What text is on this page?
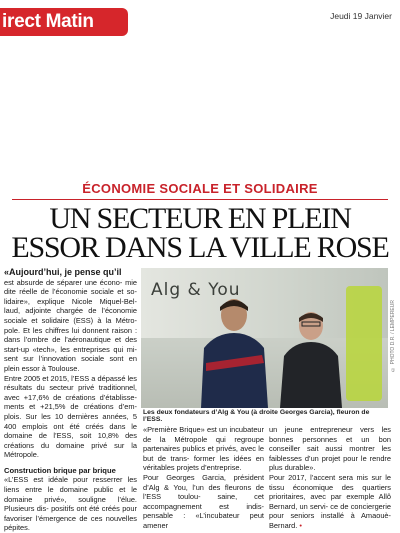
irect Matin	Jeudi 19 Janvier
ÉCONOMIE SOCIALE ET SOLIDAIRE
UN SECTEUR EN PLEIN
ESSOR DANS LA VILLE ROSE

«Aujourd’hui, je pense qu’il

est absurde de séparer une écono- mie dite réelle de l’économie sociale et so- lidaire», explique Nicole Miquel-Bel- laud, adjointe chargée de l’économie sociale et solidaire (ESS) à la Métro- pole. Et les chiffres lui donnent raison : dans l’ombre de l’aéronautique et des start-up «tech», les entreprises qui mi- sent sur l’innovation sociale sont en plein essor à Toulouse.

Entre 2005 et 2015, l’ESS a dépassé les résultats du secteur privé traditionnel, avec +17,6% de créations d’établisse- ments et +21,5% de créations d’em- plois. Sur les 10 dernières années, 5 400 emplois ont été créés dans le domaine de l’ESS, soit 10,8% des créations du domaine privé sur la Métropole.

Construction brique par brique

«L’ESS est idéale pour resserrer les liens entre le domaine public et le domaine privé», souligne l’élue. Plusieurs dis- positifs ont été créés pour favoriser l’émergence de ces nouvelles pépites.

Alg & You
© PHOTO D.R. / LEMPEREUR
Les deux fondateurs d’Alg & You (à droite Georges Garcia), fleuron de l’ESS.

«Première Brique» est un incubateur de la Métropole qui regroupe partenaires publics et privés, avec le but de trans- former les idées en véritables projets d’entreprise.

Pour Georges Garcia, président d’Alg & You, l’un des fleurons de l’ESS toulou- saine, cet accompagnement est indis- pensable : «L’incubateur peut amener

un jeune entrepreneur vers les bonnes personnes et un bon conseiller sait aussi montrer les faiblesses d’un projet pour le rendre plus durable».

Pour 2017, l’accent sera mis sur le tissu économique des quartiers prioritaires, avec par exemple Allô Bernard, un servi- ce de conciergerie pour seniors installé à Amaouè-Bernard. •
